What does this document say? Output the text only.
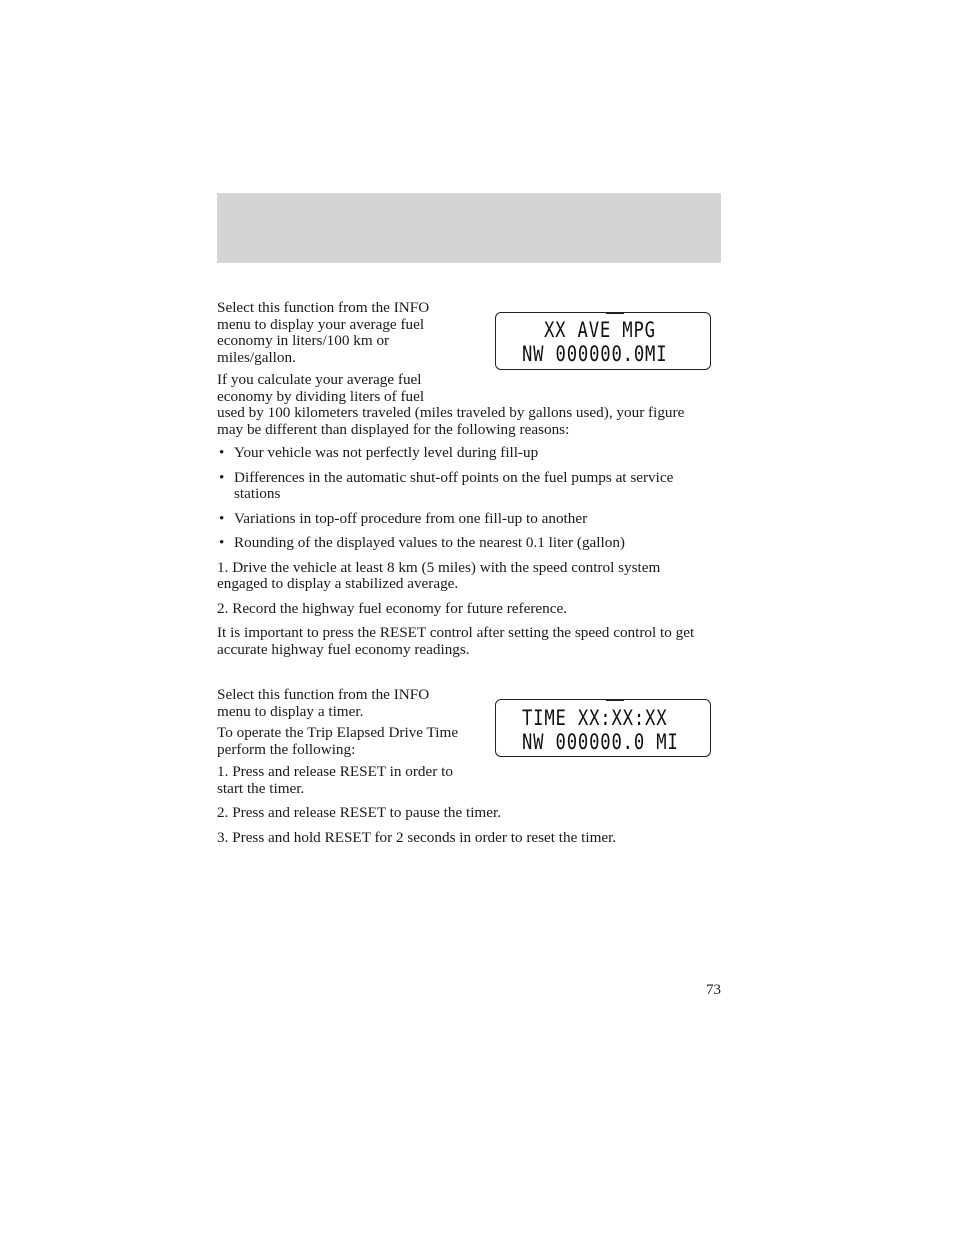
Select this function from the INFO menu to display your average fuel economy in liters/100 km or miles/gallon.

If you calculate your average fuel economy by dividing liters of fuel

used by 100 kilometers traveled (miles traveled by gallons used), your figure may be different than displayed for the following reasons:

• Your vehicle was not perfectly level during fill-up
• Differences in the automatic shut-off points on the fuel pumps at service stations
• Variations in top-off procedure from one fill-up to another
• Rounding of the displayed values to the nearest 0.1 liter (gallon)

1. Drive the vehicle at least 8 km (5 miles) with the speed control system engaged to display a stabilized average.

2. Record the highway fuel economy for future reference.

It is important to press the RESET control after setting the speed control to get accurate highway fuel economy readings.

XX AVE MPG
NW 000000.0MI

Select this function from the INFO menu to display a timer.

To operate the Trip Elapsed Drive Time perform the following:

1. Press and release RESET in order to start the timer.

2. Press and release RESET to pause the timer.

3. Press and hold RESET for 2 seconds in order to reset the timer.

TIME XX:XX:XX
NW 000000.0 MI
73
